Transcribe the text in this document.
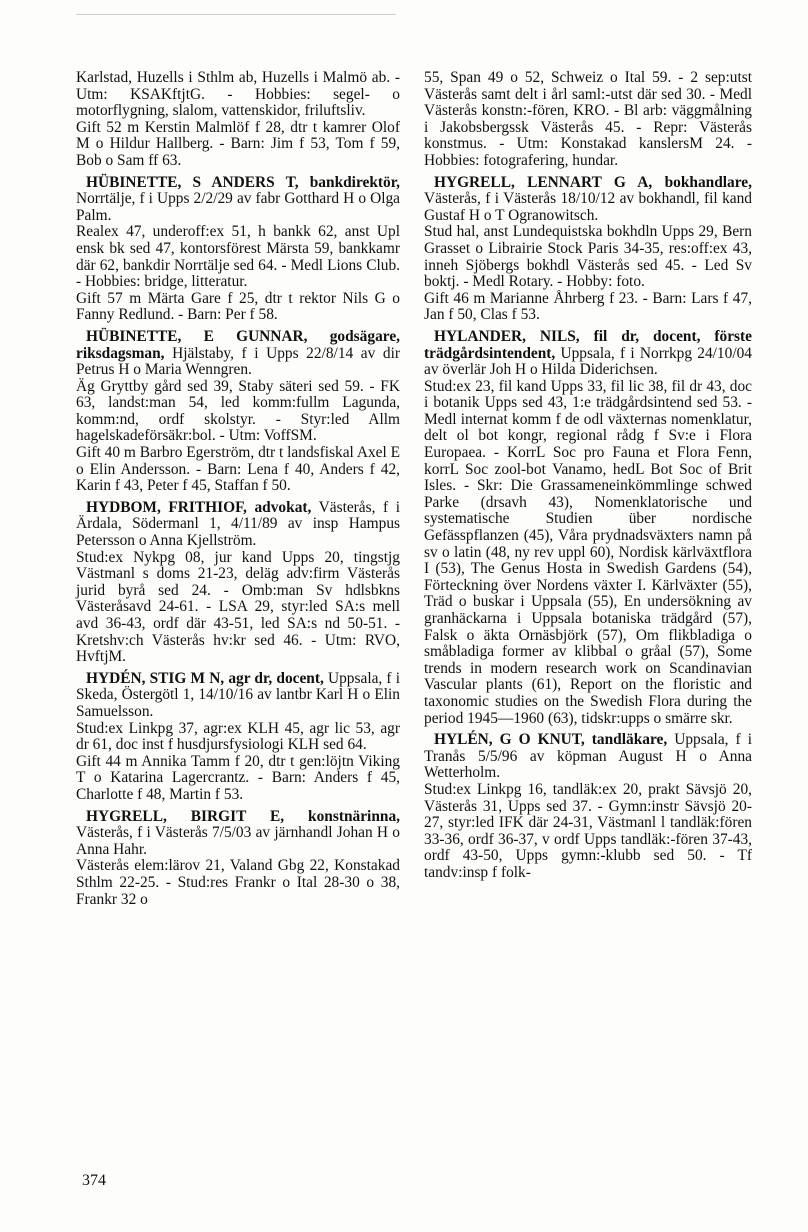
Karlstad, Huzells i Sthlm ab, Huzells i Malmö ab. - Utm: KSAKftjtG. - Hobbies: segel- o motorflygning, slalom, vattenskidor, friluftsliv.

Gift 52 m Kerstin Malmlöf f 28, dtr t kamrer Olof M o Hildur Hallberg. - Barn: Jim f 53, Tom f 59, Bob o Sam ff 63.

HÜBINETTE, S ANDERS T, bankdirektör, Norrtälje, f i Upps 2/2/29 av fabr Gotthard H o Olga Palm.

Realex 47, underoff:ex 51, h bankk 62, anst Upl ensk bk sed 47, kontorsförest Märsta 59, bankkamr där 62, bankdir Norrtälje sed 64. - Medl Lions Club. - Hobbies: bridge, litteratur.

Gift 57 m Märta Gare f 25, dtr t rektor Nils G o Fanny Redlund. - Barn: Per f 58.

HÜBINETTE, E GUNNAR, godsägare, riksdagsman, Hjälstaby, f i Upps 22/8/14 av dir Petrus H o Maria Wenngren.

Äg Gryttby gård sed 39, Staby säteri sed 59. - FK 63, landst:man 54, led komm:fullm Lagunda, komm:nd, ordf skolstyr. - Styr:led Allm hagelskadeförsäkr:bol. - Utm: VoffSM.

Gift 40 m Barbro Egerström, dtr t landsfiskal Axel E o Elin Andersson. - Barn: Lena f 40, Anders f 42, Karin f 43, Peter f 45, Staffan f 50.

HYDBOM, FRITHIOF, advokat, Västerås, f i Ärdala, Södermanl 1, 4/11/89 av insp Hampus Petersson o Anna Kjellström.

Stud:ex Nykpg 08, jur kand Upps 20, tingstjg Västmanl s doms 21-23, deläg adv:firm Västerås jurid byrå sed 24. - Omb:man Sv hdlsbkns Västeråsavd 24-61. - LSA 29, styr:led SA:s mell avd 36-43, ordf där 43-51, led SA:s nd 50-51. - Kretshv:ch Västerås hv:kr sed 46. - Utm: RVO, HvftjM.

HYDÉN, STIG M N, agr dr, docent, Uppsala, f i Skeda, Östergötl 1, 14/10/16 av lantbr Karl H o Elin Samuelsson.

Stud:ex Linkpg 37, agr:ex KLH 45, agr lic 53, agr dr 61, doc inst f husdjursfysiologi KLH sed 64.

Gift 44 m Annika Tamm f 20, dtr t gen:löjtn Viking T o Katarina Lagercrantz. - Barn: Anders f 45, Charlotte f 48, Martin f 53.

HYGRELL, BIRGIT E, konstnärinna, Västerås, f i Västerås 7/5/03 av järnhandl Johan H o Anna Hahr.

Västerås elem:lärov 21, Valand Gbg 22, Konstakad Sthlm 22-25. - Stud:res Frankr o Ital 28-30 o 38, Frankr 32 o

55, Span 49 o 52, Schweiz o Ital 59. - 2 sep:utst Västerås samt delt i årl saml:-utst där sed 30. - Medl Västerås konstn:-fören, KRO. - Bl arb: väggmålning i Jakobsbergssk Västerås 45. - Repr: Västerås konstmus. - Utm: Konstakad kanslersM 24. - Hobbies: fotografering, hundar.

HYGRELL, LENNART G A, bokhandlare, Västerås, f i Västerås 18/10/12 av bokhandl, fil kand Gustaf H o T Ogranowitsch.

Stud hal, anst Lundequistska bokhdln Upps 29, Bern Grasset o Librairie Stock Paris 34-35, res:off:ex 43, inneh Sjöbergs bokhdl Västerås sed 45. - Led Sv boktj. - Medl Rotary. - Hobby: foto.

Gift 46 m Marianne Åhrberg f 23. - Barn: Lars f 47, Jan f 50, Clas f 53.

HYLANDER, NILS, fil dr, docent, förste trädgårdsintendent, Uppsala, f i Norrkpg 24/10/04 av överlär Joh H o Hilda Diderichsen.

Stud:ex 23, fil kand Upps 33, fil lic 38, fil dr 43, doc i botanik Upps sed 43, 1:e trädgårdsintend sed 53. - Medl internat komm f de odl växternas nomenklatur, delt ol bot kongr, regional rådg f Sv:e i Flora Europaea. - KorrL Soc pro Fauna et Flora Fenn, korrL Soc zool-bot Vanamo, hedL Bot Soc of Brit Isles. - Skr: Die Grassameneinkömmlinge schwed Parke (drsavh 43), Nomenklatorische und systematische Studien über nordische Gefässpflanzen (45), Våra prydnadsväxters namn på sv o latin (48, ny rev uppl 60), Nordisk kärlväxtflora I (53), The Genus Hosta in Swedish Gardens (54), Förteckning över Nordens växter I. Kärlväxter (55), Träd o buskar i Uppsala (55), En undersökning av granhäckarna i Uppsala botaniska trädgård (57), Falsk o äkta Ornäsbjörk (57), Om flikbladiga o småbladiga former av klibbal o gråal (57), Some trends in modern research work on Scandinavian Vascular plants (61), Report on the floristic and taxonomic studies on the Swedish Flora during the period 1945—1960 (63), tidskr:upps o smärre skr.

HYLÉN, G O KNUT, tandläkare, Uppsala, f i Tranås 5/5/96 av köpman August H o Anna Wetterholm.

Stud:ex Linkpg 16, tandläk:ex 20, prakt Sävsjö 20, Västerås 31, Upps sed 37. - Gymn:instr Sävsjö 20-27, styr:led IFK där 24-31, Västmanl l tandläk:fören 33-36, ordf 36-37, v ordf Upps tandläk:-fören 37-43, ordf 43-50, Upps gymn:-klubb sed 50. - Tf tandv:insp f folk-

374
